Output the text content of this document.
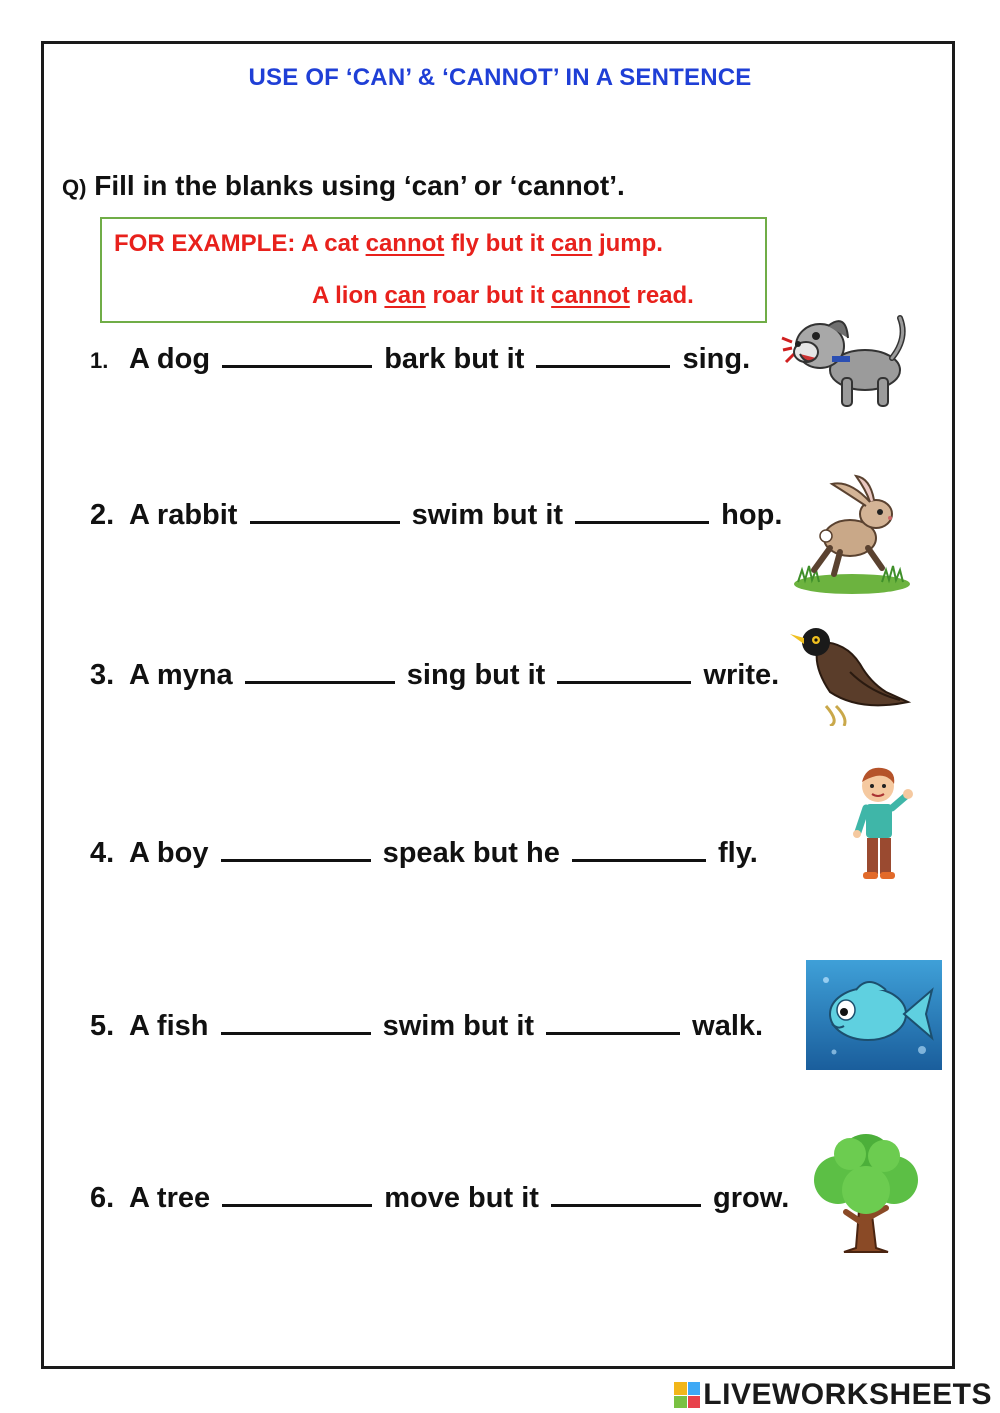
USE OF ‘CAN’ & ‘CANNOT’ IN A SENTENCE
Q) Fill in the blanks using ‘can’ or ‘cannot’.
FOR EXAMPLE: A cat cannot fly but it can jump.
A lion can roar but it cannot read.
1. A dog	bark but it	sing.
2. A rabbit	swim but it	hop.
3. A myna	sing but it	write.
4. A boy	speak but he	fly.
5. A fish	swim but it	walk.
6. A tree	move but it	grow.
LIVEWORKSHEETS
